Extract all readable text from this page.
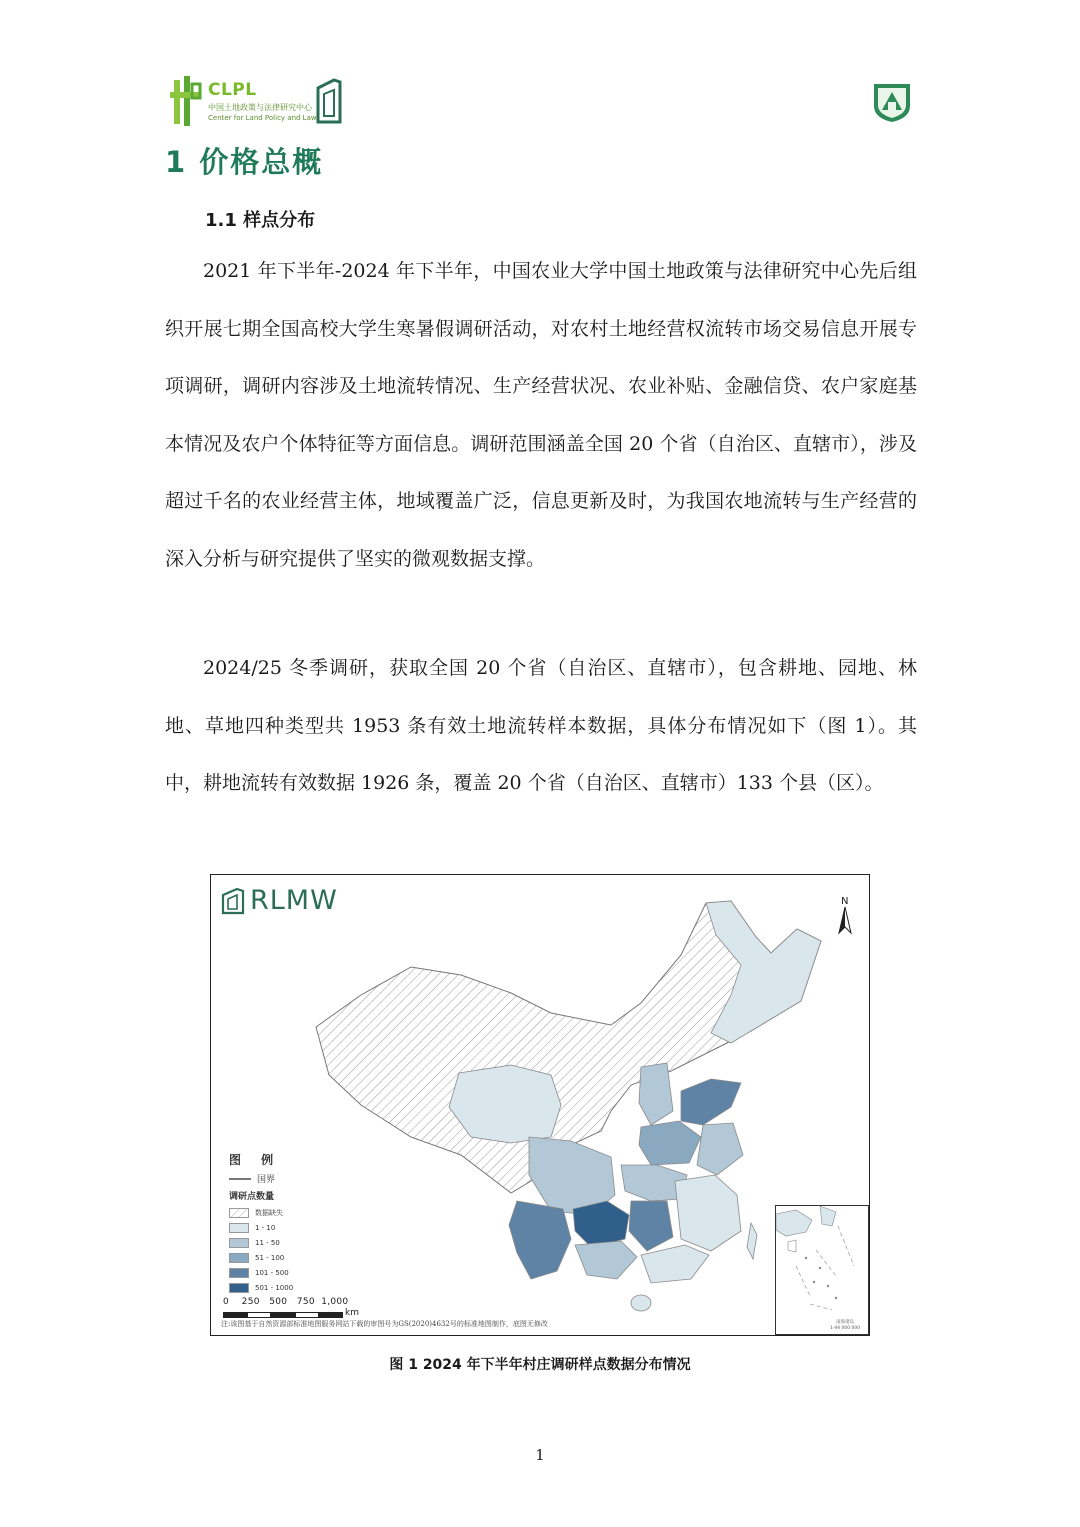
CLPL
中国土地政策与法律研究中心
Center for Land Policy and Law
1 价格总概
1.1 样点分布

2021 年下半年-2024 年下半年，中国农业大学中国土地政策与法律研究中心先后组织开展七期全国高校大学生寒暑假调研活动，对农村土地经营权流转市场交易信息开展专项调研，调研内容涉及土地流转情况、生产经营状况、农业补贴、金融信贷、农户家庭基本情况及农户个体特征等方面信息。调研范围涵盖全国 20 个省（自治区、直辖市），涉及超过千名的农业经营主体，地域覆盖广泛，信息更新及时，为我国农地流转与生产经营的深入分析与研究提供了坚实的微观数据支撑。

2024/25 冬季调研，获取全国 20 个省（自治区、直辖市），包含耕地、园地、林地、草地四种类型共 1953 条有效土地流转样本数据，具体分布情况如下（图 1）。其中，耕地流转有效数据 1926 条，覆盖 20 个省（自治区、直辖市）133 个县（区）。

RLMW	N
图 例
国界
调研点数量
数据缺失
1 - 10
11 - 50
51 - 100
101 - 500
501 - 1000
0    250   500   750  1,000
km
注:该图基于自然资源部标准地图服务网站下载的审图号为GS(2020)4632号的标准地图制作，底图无修改	南海诸岛
1:44 000 000
图 1 2024 年下半年村庄调研样点数据分布情况
1
